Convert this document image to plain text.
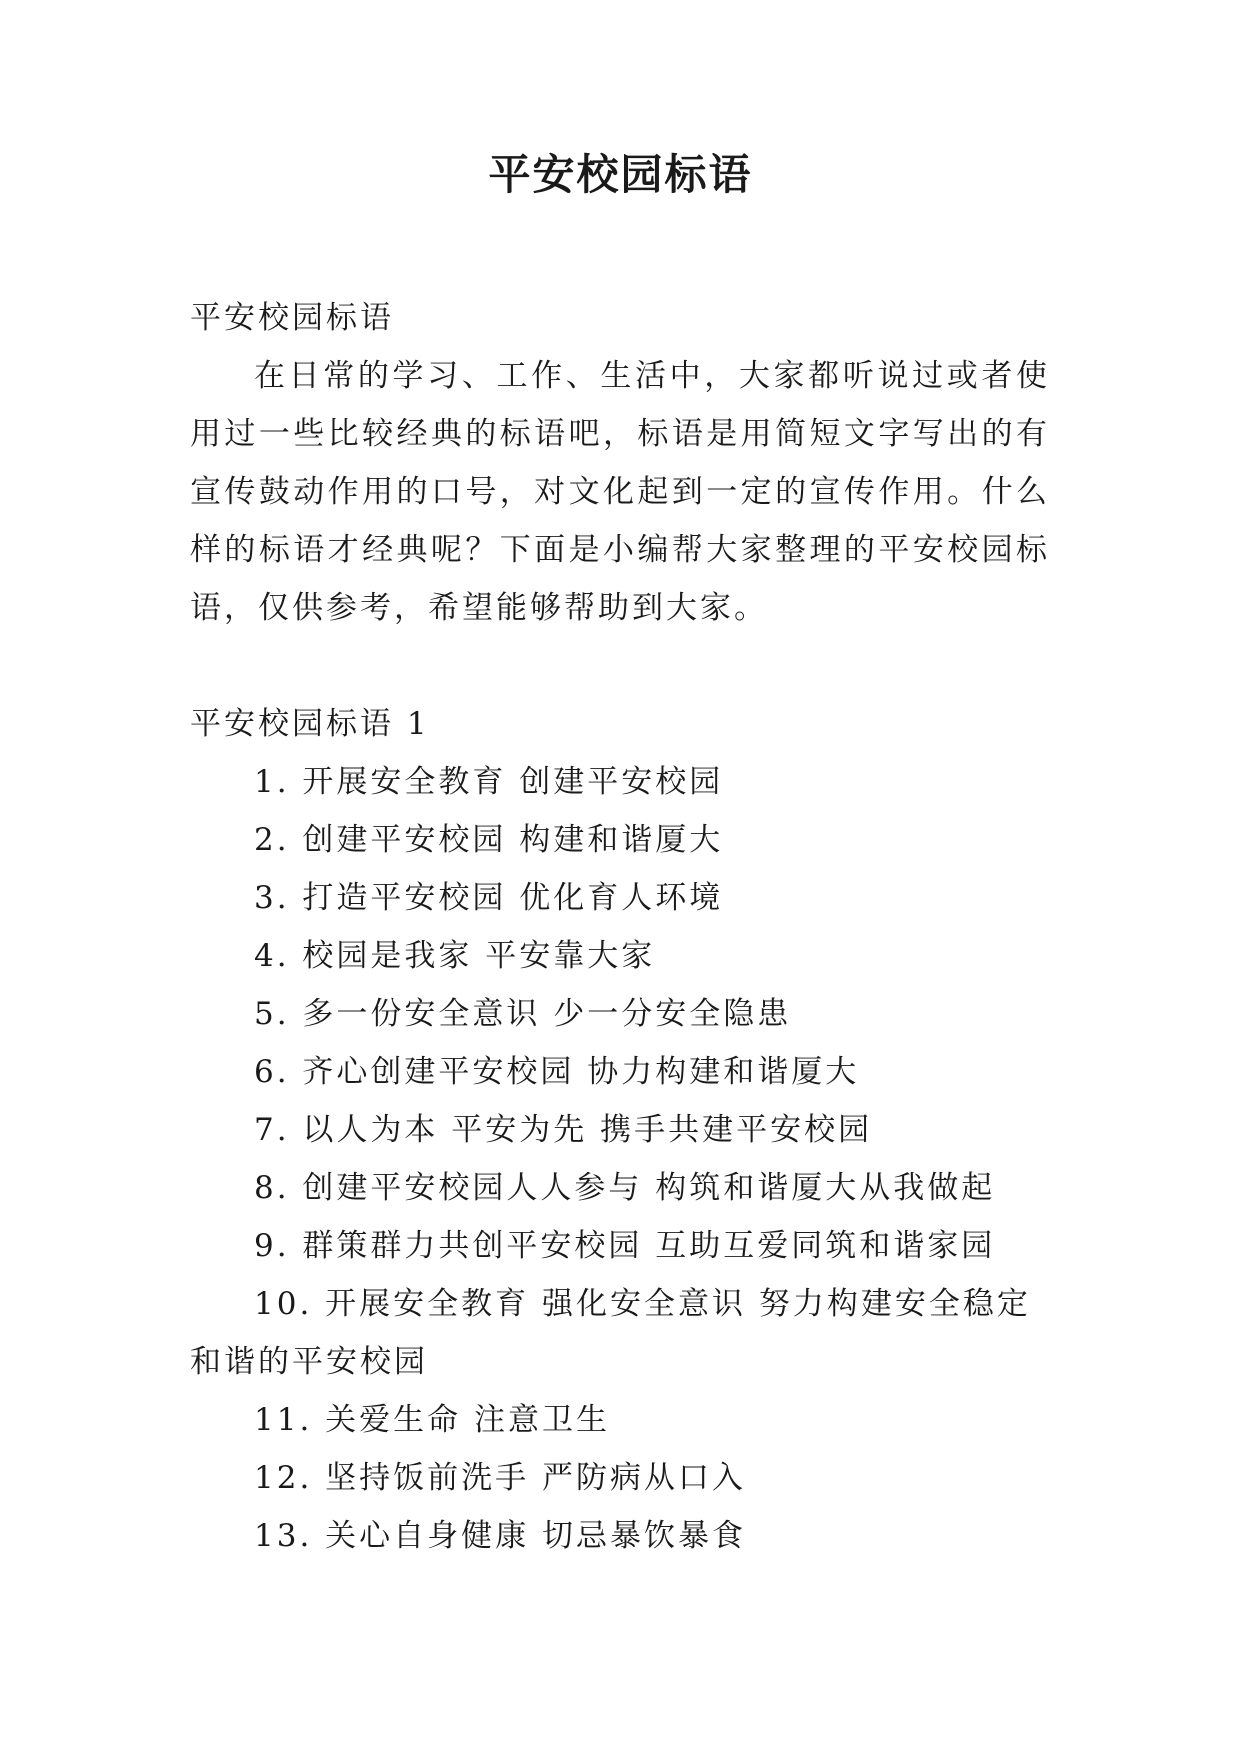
平安校园标语
平安校园标语

在日常的学习、工作、生活中，大家都听说过或者使用过一些比较经典的标语吧，标语是用简短文字写出的有宣传鼓动作用的口号，对文化起到一定的宣传作用。什么样的标语才经典呢？下面是小编帮大家整理的平安校园标语，仅供参考，希望能够帮助到大家。

平安校园标语 1
1. 开展安全教育 创建平安校园
2. 创建平安校园 构建和谐厦大
3. 打造平安校园 优化育人环境
4. 校园是我家 平安靠大家
5. 多一份安全意识 少一分安全隐患
6. 齐心创建平安校园 协力构建和谐厦大
7. 以人为本 平安为先 携手共建平安校园
8. 创建平安校园人人参与 构筑和谐厦大从我做起
9. 群策群力共创平安校园 互助互爱同筑和谐家园

10. 开展安全教育 强化安全意识 努力构建安全稳定和谐的平安校园

11. 关爱生命 注意卫生
12. 坚持饭前洗手 严防病从口入
13. 关心自身健康 切忌暴饮暴食
